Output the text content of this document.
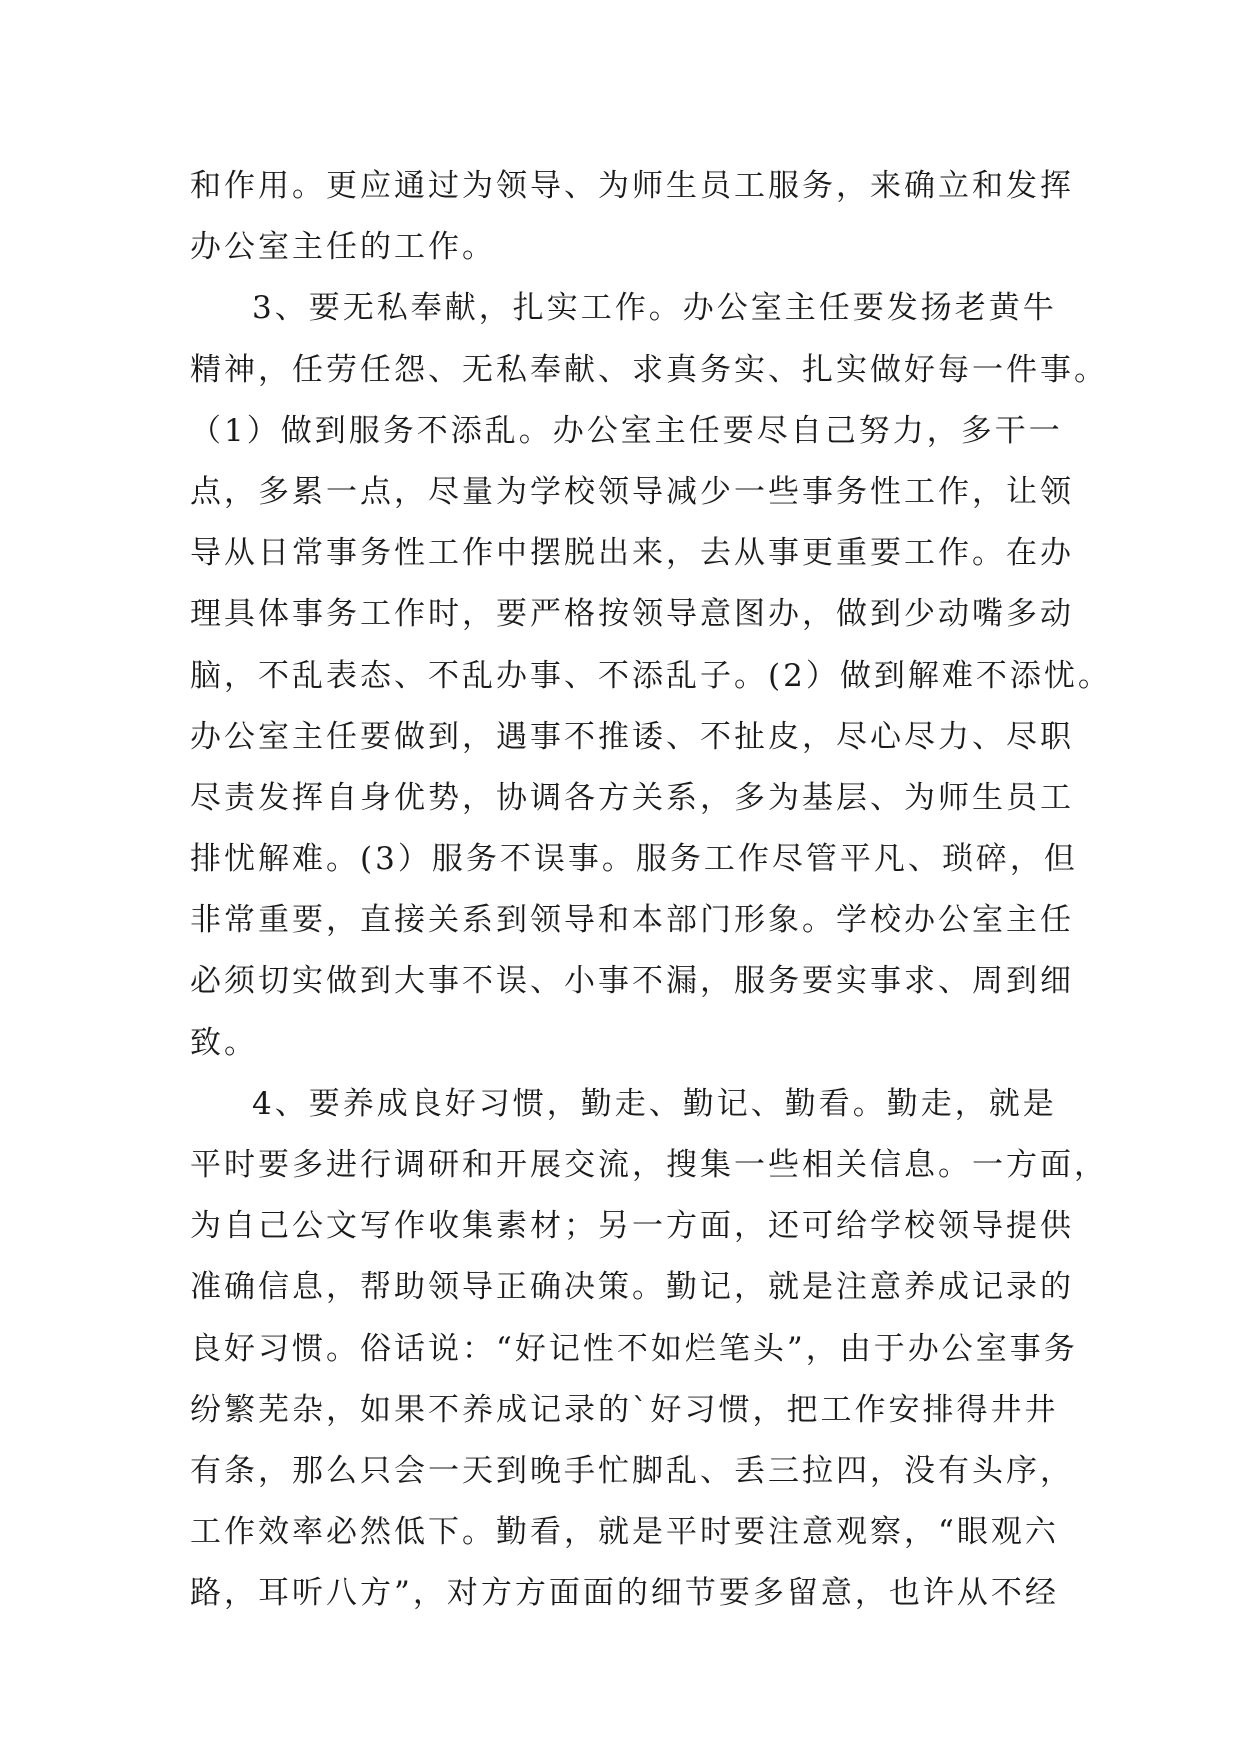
和作用。更应通过为领导、为师生员工服务，来确立和发挥
办公室主任的工作。
3、要无私奉献，扎实工作。办公室主任要发扬老黄牛
精神，任劳任怨、无私奉献、求真务实、扎实做好每一件事。
（1）做到服务不添乱。办公室主任要尽自己努力，多干一
点，多累一点，尽量为学校领导减少一些事务性工作，让领
导从日常事务性工作中摆脱出来，去从事更重要工作。在办
理具体事务工作时，要严格按领导意图办，做到少动嘴多动
脑，不乱表态、不乱办事、不添乱子。(2）做到解难不添忧。
办公室主任要做到，遇事不推诿、不扯皮，尽心尽力、尽职
尽责发挥自身优势，协调各方关系，多为基层、为师生员工
排忧解难。(3）服务不误事。服务工作尽管平凡、琐碎，但
非常重要，直接关系到领导和本部门形象。学校办公室主任
必须切实做到大事不误、小事不漏，服务要实事求、周到细
致。
4、要养成良好习惯，勤走、勤记、勤看。勤走，就是
平时要多进行调研和开展交流，搜集一些相关信息。一方面，
为自己公文写作收集素材；另一方面，还可给学校领导提供
准确信息，帮助领导正确决策。勤记，就是注意养成记录的
良好习惯。俗话说：“好记性不如烂笔头”，由于办公室事务
纷繁芜杂，如果不养成记录的`好习惯，把工作安排得井井
有条，那么只会一天到晚手忙脚乱、丢三拉四，没有头序，
工作效率必然低下。勤看，就是平时要注意观察，“眼观六
路，耳听八方”，对方方面面的细节要多留意，也许从不经
